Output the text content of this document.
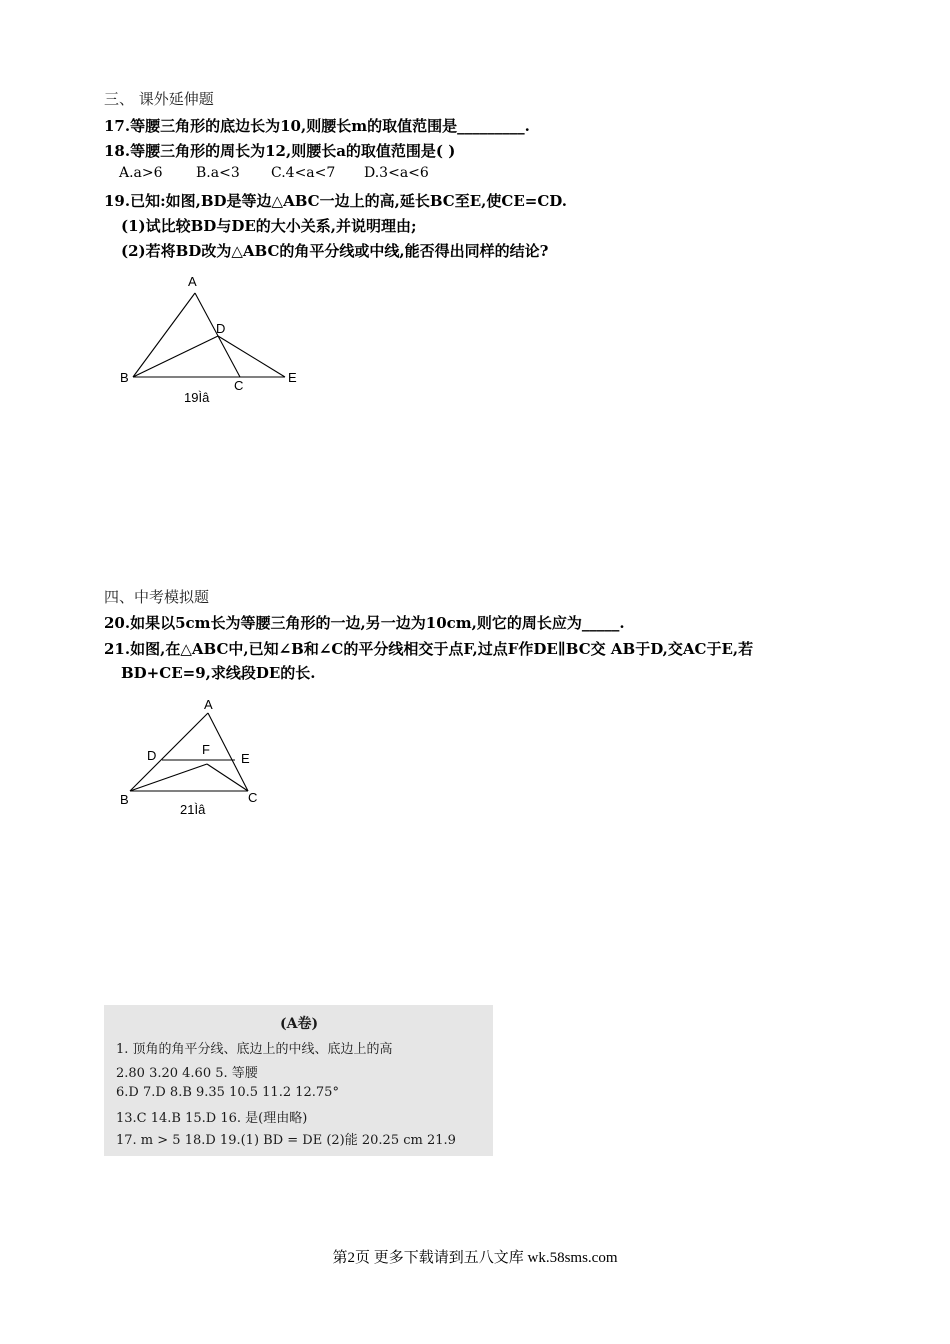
三、 课外延伸题
17.等腰三角形的底边长为10,则腰长m的取值范围是_________.
18.等腰三角形的周长为12,则腰长a的取值范围是( )
A.a>6 B.a<3 C.4<a<7 D.3<a<6
19.已知:如图,BD是等边△ABC一边上的高,延长BC至E,使CE=CD.
(1)试比较BD与DE的大小关系,并说明理由;
(2)若将BD改为△ABC的角平分线或中线,能否得出同样的结论?
A
D
B
C
E
19Ìâ
四、中考模拟题
20.如果以5cm长为等腰三角形的一边,另一边为10cm,则它的周长应为_____.
21.如图,在△ABC中,已知∠B和∠C的平分线相交于点F,过点F作DE∥BC交 AB于D,交AC于E,若
BD+CE=9,求线段DE的长.
A
D	F
E
B	C
21Ìâ
(A卷)
1. 顶角的角平分线、底边上的中线、底边上的高
2.80 3.20 4.60 5. 等腰
6.D 7.D 8.B 9.35 10.5 11.2 12.75°
13.C 14.B 15.D 16. 是(理由略)
17. m > 5 18.D 19.(1) BD = DE (2)能 20.25 cm 21.9
第2页 更多下载请到五八文库 wk.58sms.com
